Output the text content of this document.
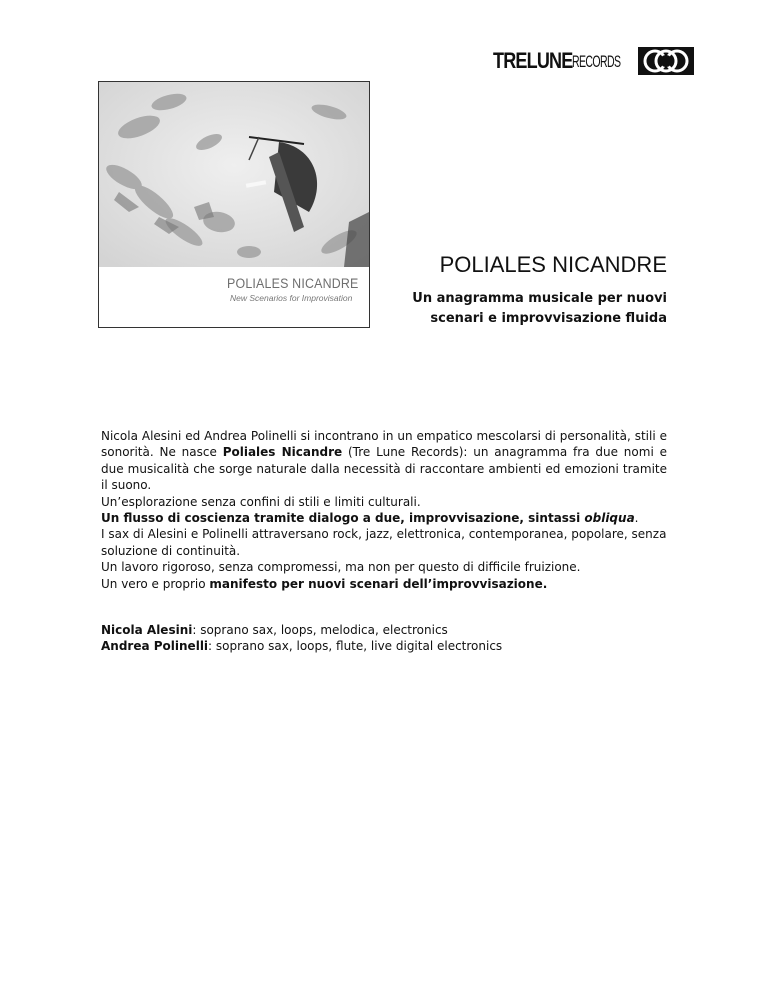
TRELUNE RECORDS
POLIALES NICANDRE
New Scenarios for Improvisation
POLIALES NICANDRE
Un anagramma musicale per nuovi
scenari e improvvisazione fluida

Nicola Alesini ed Andrea Polinelli si incontrano in un empatico mescolarsi di personalità, stili e sonorità. Ne nasce Poliales Nicandre (Tre Lune Records): un anagramma fra due nomi e due musicalità che sorge naturale dalla necessità di raccontare ambienti ed emozioni tramite il suono.

Un’esplorazione senza confini di stili e limiti culturali.

Un flusso di coscienza tramite dialogo a due, improvvisazione, sintassi obliqua.

I sax di Alesini e Polinelli attraversano rock, jazz, elettronica, contemporanea, popolare, senza soluzione di continuità.

Un lavoro rigoroso, senza compromessi, ma non per questo di difficile fruizione.

Un vero e proprio manifesto per nuovi scenari dell’improvvisazione.

Nicola Alesini: soprano sax, loops, melodica, electronics

Andrea Polinelli: soprano sax, loops, flute, live digital electronics
